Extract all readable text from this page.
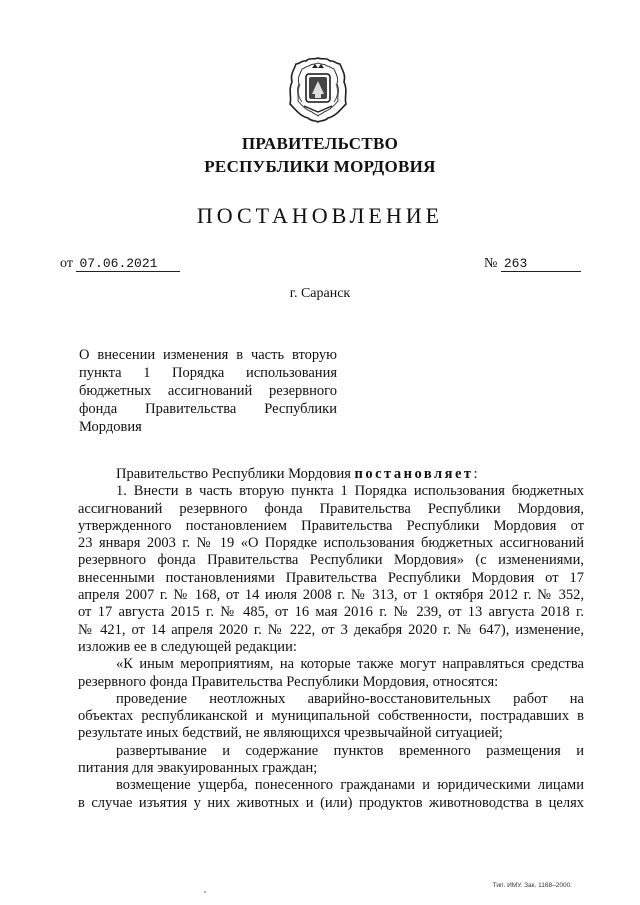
ПРАВИТЕЛЬСТВО
РЕСПУБЛИКИ МОРДОВИЯ
ПОСТАНОВЛЕНИЕ
от 07.06.2021	№ 263
г. Саранск
О внесении изменения в часть вторую
пункта 1 Порядка использования
бюджетных ассигнований резервного
фонда Правительства Республики
Мордовия
Правительство Республики Мордовия постановляет:
1. Внести в часть вторую пункта 1 Порядка использования бюджетных
ассигнований резервного фонда Правительства Республики Мордовия,
утвержденного постановлением Правительства Республики Мордовия от
23 января 2003 г. № 19 «О Порядке использования бюджетных ассигнований
резервного фонда Правительства Республики Мордовия» (с изменениями,
внесенными постановлениями Правительства Республики Мордовия от 17
апреля 2007 г. № 168, от 14 июля 2008 г. № 313, от 1 октября 2012 г. № 352,
от 17 августа 2015 г. № 485, от 16 мая 2016 г. № 239, от 13 августа 2018 г.
№ 421, от 14 апреля 2020 г. № 222, от 3 декабря 2020 г. № 647), изменение,
изложив ее в следующей редакции:
«К иным мероприятиям, на которые также могут направляться средства
резервного фонда Правительства Республики Мордовия, относятся:
проведение неотложных аварийно-восстановительных работ на
объектах республиканской и муниципальной собственности, пострадавших в
результате иных бедствий, не являющихся чрезвычайной ситуацией;
развертывание и содержание пунктов временного размещения и
питания для эвакуированных граждан;
возмещение ущерба, понесенного гражданами и юридическими лицами
в случае изъятия у них животных и (или) продуктов животноводства в целях
Тип. ИМУ. Зак. 1168–2000.
